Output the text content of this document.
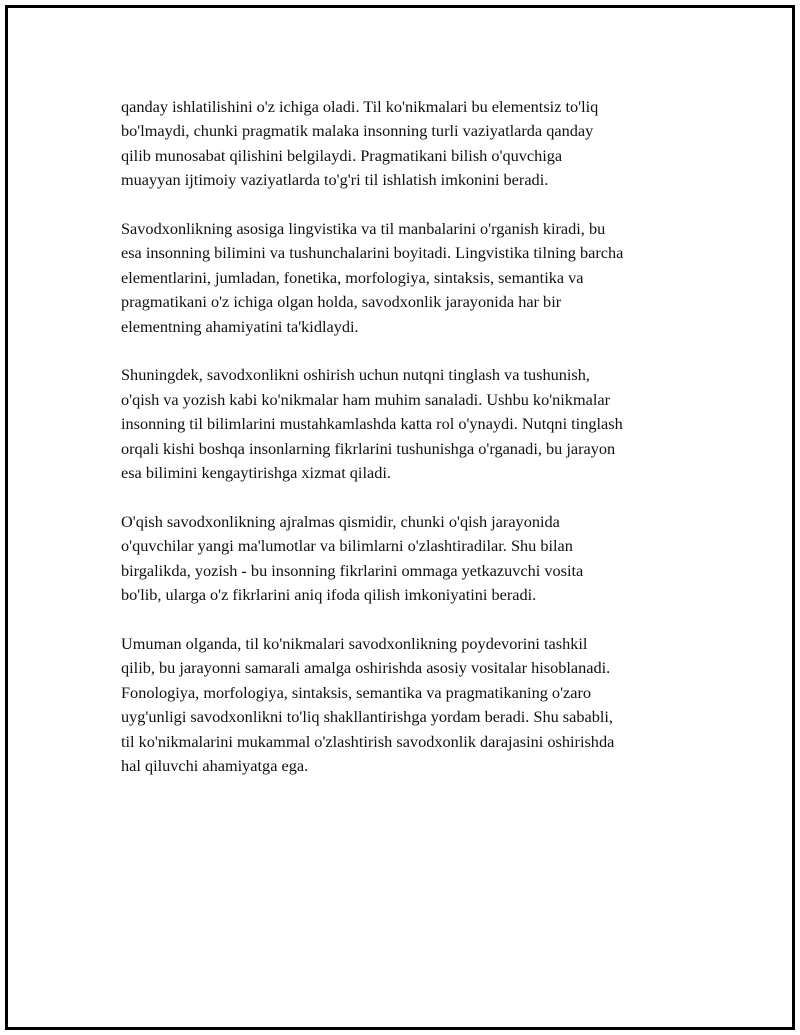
qanday ishlatilishini o'z ichiga oladi. Til ko'nikmalari bu elementsiz to'liq
bo'lmaydi, chunki pragmatik malaka insonning turli vaziyatlarda qanday
qilib munosabat qilishini belgilaydi. Pragmatikani bilish o'quvchiga
muayyan ijtimoiy vaziyatlarda to'g'ri til ishlatish imkonini beradi.

Savodxonlikning asosiga lingvistika va til manbalarini o'rganish kiradi, bu
esa insonning bilimini va tushunchalarini boyitadi. Lingvistika tilning barcha
elementlarini, jumladan, fonetika, morfologiya, sintaksis, semantika va
pragmatikani o'z ichiga olgan holda, savodxonlik jarayonida har bir
elementning ahamiyatini ta'kidlaydi.

Shuningdek, savodxonlikni oshirish uchun nutqni tinglash va tushunish,
o'qish va yozish kabi ko'nikmalar ham muhim sanaladi. Ushbu ko'nikmalar
insonning til bilimlarini mustahkamlashda katta rol o'ynaydi. Nutqni tinglash
orqali kishi boshqa insonlarning fikrlarini tushunishga o'rganadi, bu jarayon
esa bilimini kengaytirishga xizmat qiladi.

O'qish savodxonlikning ajralmas qismidir, chunki o'qish jarayonida
o'quvchilar yangi ma'lumotlar va bilimlarni o'zlashtiradilar. Shu bilan
birgalikda, yozish - bu insonning fikrlarini ommaga yetkazuvchi vosita
bo'lib, ularga o'z fikrlarini aniq ifoda qilish imkoniyatini beradi.

Umuman olganda, til ko'nikmalari savodxonlikning poydevorini tashkil
qilib, bu jarayonni samarali amalga oshirishda asosiy vositalar hisoblanadi.
Fonologiya, morfologiya, sintaksis, semantika va pragmatikaning o'zaro
uyg'unligi savodxonlikni to'liq shakllantirishga yordam beradi. Shu sababli,
til ko'nikmalarini mukammal o'zlashtirish savodxonlik darajasini oshirishda
hal qiluvchi ahamiyatga ega.
